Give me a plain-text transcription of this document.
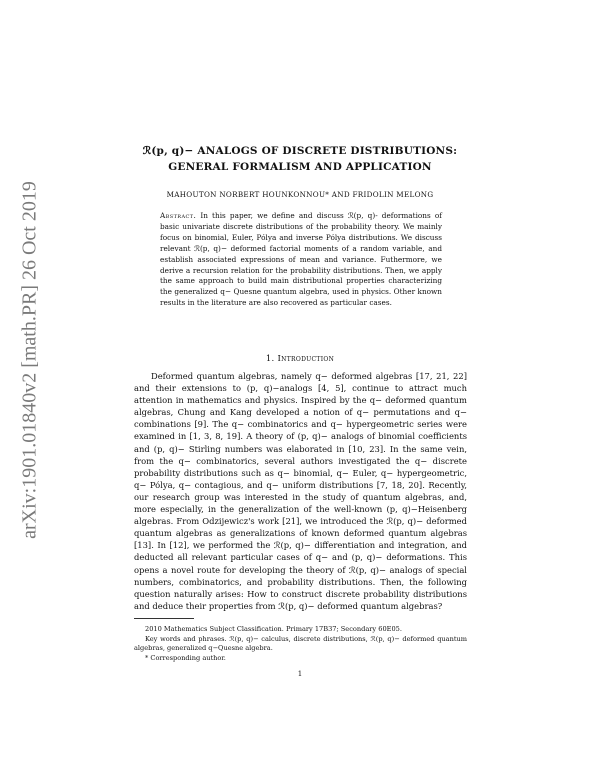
arXiv:1901.01840v2 [math.PR] 26 Oct 2019
ℛ(p, q)− ANALOGS OF DISCRETE DISTRIBUTIONS: GENERAL FORMALISM AND APPLICATION
MAHOUTON NORBERT HOUNKONNOU* AND FRIDOLIN MELONG
Abstract. In this paper, we define and discuss ℛ(p, q)- deformations of basic univariate discrete distributions of the probability theory. We mainly focus on binomial, Euler, Pólya and inverse Pólya distributions. We discuss relevant ℛ(p, q)− deformed factorial moments of a random variable, and establish associated expressions of mean and variance. Futhermore, we derive a recursion relation for the probability distributions. Then, we apply the same approach to build main distributional properties characterizing the generalized q− Quesne quantum algebra, used in physics. Other known results in the literature are also recovered as particular cases.
1. Introduction

Deformed quantum algebras, namely q− deformed algebras [17, 21, 22] and their extensions to (p, q)−analogs [4, 5], continue to attract much attention in mathematics and physics. Inspired by the q− deformed quantum algebras, Chung and Kang developed a notion of q− permutations and q− combinations [9]. The q− combinatorics and q− hypergeometric series were examined in [1, 3, 8, 19]. A theory of (p, q)− analogs of binomial coefficients and (p, q)− Stirling numbers was elaborated in [10, 23]. In the same vein, from the q− combinatorics, several authors investigated the q− discrete probability distributions such as q− binomial, q− Euler, q− hypergeometric, q− Pólya, q− contagious, and q− uniform distributions [7, 18, 20]. Recently, our research group was interested in the study of quantum algebras, and, more especially, in the generalization of the well-known (p, q)−Heisenberg algebras. From Odzijewicz's work [21], we introduced the ℛ(p, q)− deformed quantum algebras as generalizations of known deformed quantum algebras [13]. In [12], we performed the ℛ(p, q)− differentiation and integration, and deducted all relevant particular cases of q− and (p, q)− deformations. This opens a novel route for developing the theory of ℛ(p, q)− analogs of special numbers, combinatorics, and probability distributions. Then, the following question naturally arises: How to construct discrete probability distributions and deduce their properties from ℛ(p, q)− deformed quantum algebras?

2010 Mathematics Subject Classification. Primary 17B37; Secondary 60E05.

Key words and phrases. ℛ(p, q)− calculus, discrete distributions, ℛ(p, q)− deformed quantum algebras, generalized q−Quesne algebra.

* Corresponding author.

1
